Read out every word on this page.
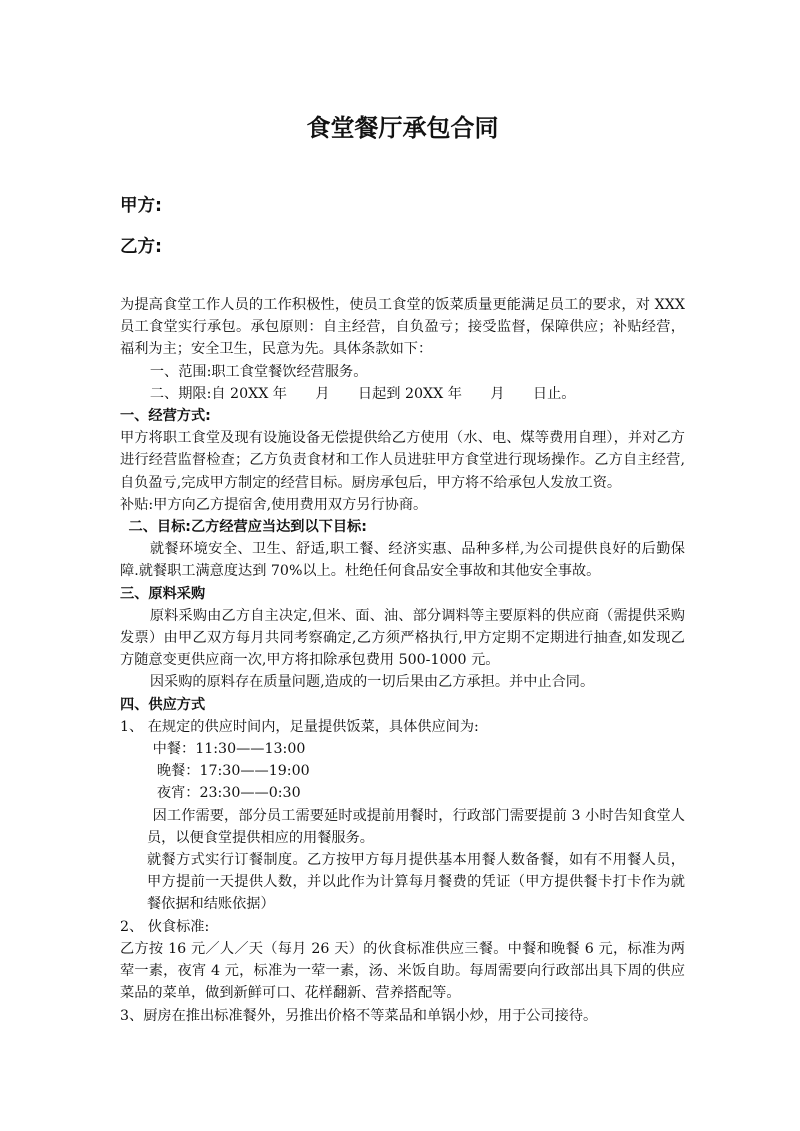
食堂餐厅承包合同
甲方:
乙方:

为提高食堂工作人员的工作积极性，使员工食堂的饭菜质量更能满足员工的要求，对 XXX 员工食堂实行承包。承包原则：自主经营，自负盈亏；接受监督，保障供应；补贴经营，福利为主；安全卫生，民意为先。具体条款如下：

一、范围:职工食堂餐饮经营服务。

二、期限:自 20XX 年　　月　　日起到 20XX 年　　月　　日止。

一、经营方式:

甲方将职工食堂及现有设施设备无偿提供给乙方使用（水、电、煤等费用自理），并对乙方进行经营监督检查；乙方负责食材和工作人员进驻甲方食堂进行现场操作。乙方自主经营,自负盈亏,完成甲方制定的经营目标。厨房承包后，甲方将不给承包人发放工资。

补贴:甲方向乙方提宿舍,使用费用双方另行协商。

二、目标:乙方经营应当达到以下目标:

就餐环境安全、卫生、舒适,职工餐、经济实惠、品种多样,为公司提供良好的后勤保障.就餐职工满意度达到 70%以上。杜绝任何食品安全事故和其他安全事故。

三、原料采购

原料采购由乙方自主决定,但米、面、油、部分调料等主要原料的供应商（需提供采购发票）由甲乙双方每月共同考察确定,乙方须严格执行,甲方定期不定期进行抽查,如发现乙方随意变更供应商一次,甲方将扣除承包费用 500-1000 元。

因采购的原料存在质量问题,造成的一切后果由乙方承担。并中止合同。

四、供应方式

1、 在规定的供应时间内，足量提供饭菜，具体供应间为:

中餐：11:30——13:00

晚餐：17:30——19:00

夜宵：23:30——0:30

因工作需要，部分员工需要延时或提前用餐时，行政部门需要提前 3 小时告知食堂人员，以便食堂提供相应的用餐服务。

就餐方式实行订餐制度。乙方按甲方每月提供基本用餐人数备餐，如有不用餐人员，甲方提前一天提供人数，并以此作为计算每月餐费的凭证（甲方提供餐卡打卡作为就餐依据和结账依据）

2、 伙食标准:

乙方按 16 元／人／天（每月 26 天）的伙食标准供应三餐。中餐和晚餐 6 元，标准为两荤一素，夜宵 4 元，标准为一荤一素，汤、米饭自助。每周需要向行政部出具下周的供应菜品的菜单，做到新鲜可口、花样翻新、营养搭配等。

3、厨房在推出标准餐外，另推出价格不等菜品和单锅小炒，用于公司接待。
